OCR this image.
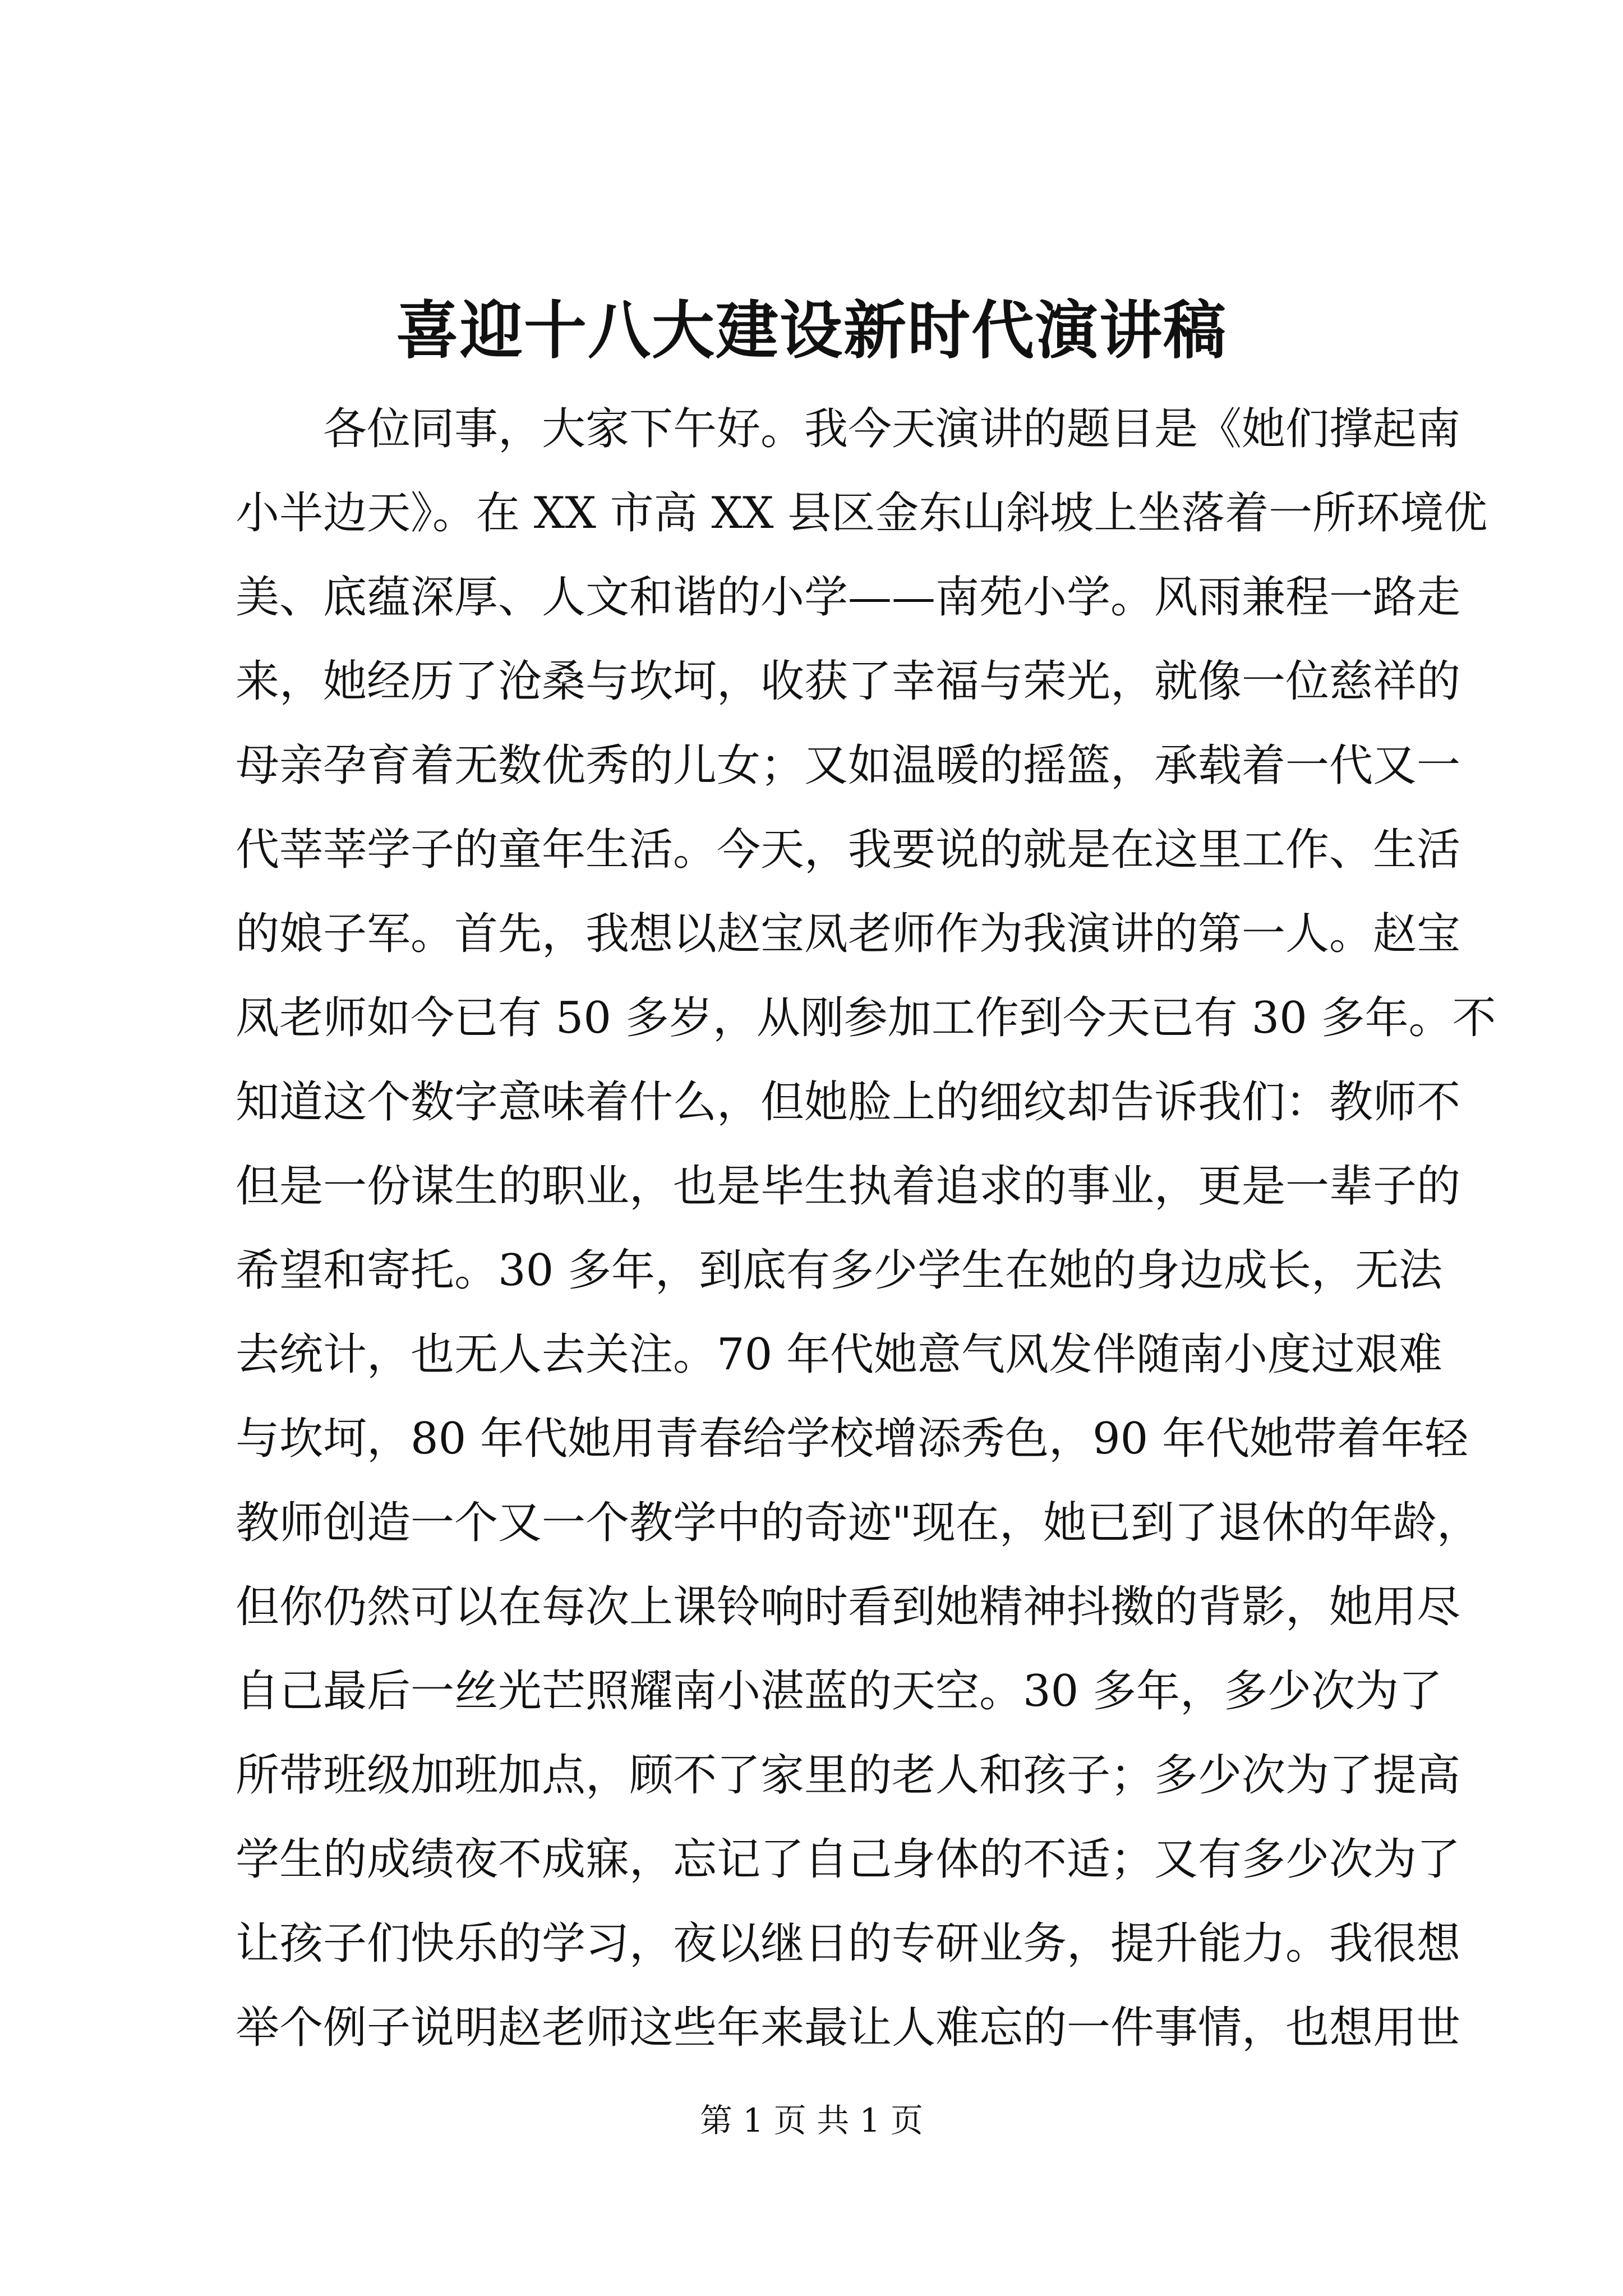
喜迎十八大建设新时代演讲稿
　　各位同事，大家下午好。我今天演讲的题目是《她们撑起南
小半边天》。在 XX 市高 XX 县区金东山斜坡上坐落着一所环境优
美、底蕴深厚、人文和谐的小学——南苑小学。风雨兼程一路走
来，她经历了沧桑与坎坷，收获了幸福与荣光，就像一位慈祥的
母亲孕育着无数优秀的儿女；又如温暖的摇篮，承载着一代又一
代莘莘学子的童年生活。今天，我要说的就是在这里工作、生活
的娘子军。首先，我想以赵宝凤老师作为我演讲的第一人。赵宝
凤老师如今已有 50 多岁，从刚参加工作到今天已有 30 多年。不
知道这个数字意味着什么，但她脸上的细纹却告诉我们：教师不
但是一份谋生的职业，也是毕生执着追求的事业，更是一辈子的
希望和寄托。30 多年，到底有多少学生在她的身边成长，无法
去统计，也无人去关注。70 年代她意气风发伴随南小度过艰难
与坎坷，80 年代她用青春给学校增添秀色，90 年代她带着年轻
教师创造一个又一个教学中的奇迹"现在，她已到了退休的年龄，
但你仍然可以在每次上课铃响时看到她精神抖擞的背影，她用尽
自己最后一丝光芒照耀南小湛蓝的天空。30 多年，多少次为了
所带班级加班加点，顾不了家里的老人和孩子；多少次为了提高
学生的成绩夜不成寐，忘记了自己身体的不适；又有多少次为了
让孩子们快乐的学习，夜以继日的专研业务，提升能力。我很想
举个例子说明赵老师这些年来最让人难忘的一件事情，也想用世
第 1 页 共 1 页
